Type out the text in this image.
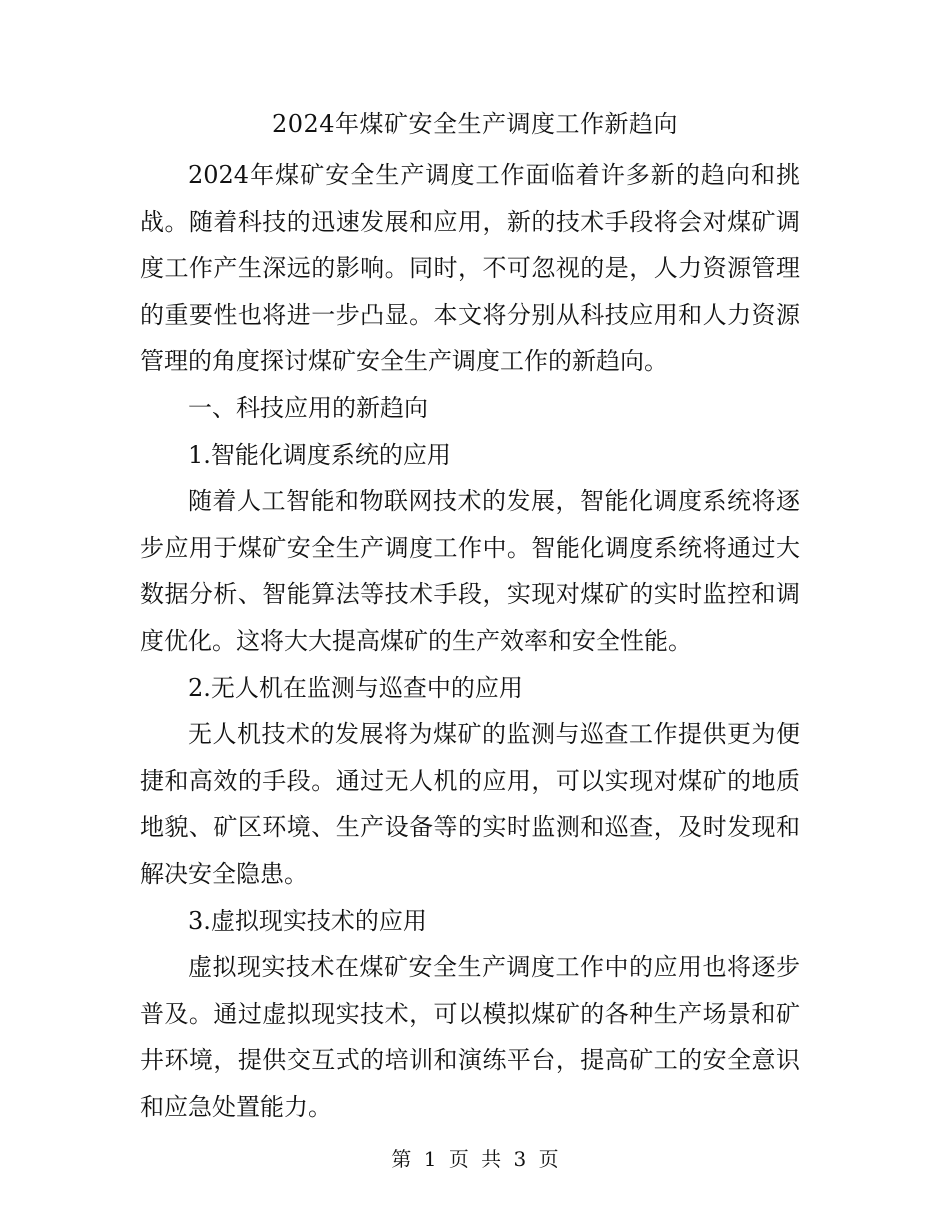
2024年煤矿安全生产调度工作新趋向

2024年煤矿安全生产调度工作面临着许多新的趋向和挑战。随着科技的迅速发展和应用，新的技术手段将会对煤矿调度工作产生深远的影响。同时，不可忽视的是，人力资源管理的重要性也将进一步凸显。本文将分别从科技应用和人力资源管理的角度探讨煤矿安全生产调度工作的新趋向。

一、科技应用的新趋向

1.智能化调度系统的应用

随着人工智能和物联网技术的发展，智能化调度系统将逐步应用于煤矿安全生产调度工作中。智能化调度系统将通过大数据分析、智能算法等技术手段，实现对煤矿的实时监控和调度优化。这将大大提高煤矿的生产效率和安全性能。

2.无人机在监测与巡查中的应用

无人机技术的发展将为煤矿的监测与巡查工作提供更为便捷和高效的手段。通过无人机的应用，可以实现对煤矿的地质地貌、矿区环境、生产设备等的实时监测和巡查，及时发现和解决安全隐患。

3.虚拟现实技术的应用

虚拟现实技术在煤矿安全生产调度工作中的应用也将逐步普及。通过虚拟现实技术，可以模拟煤矿的各种生产场景和矿井环境，提供交互式的培训和演练平台，提高矿工的安全意识和应急处置能力。

第 1 页 共 3 页
